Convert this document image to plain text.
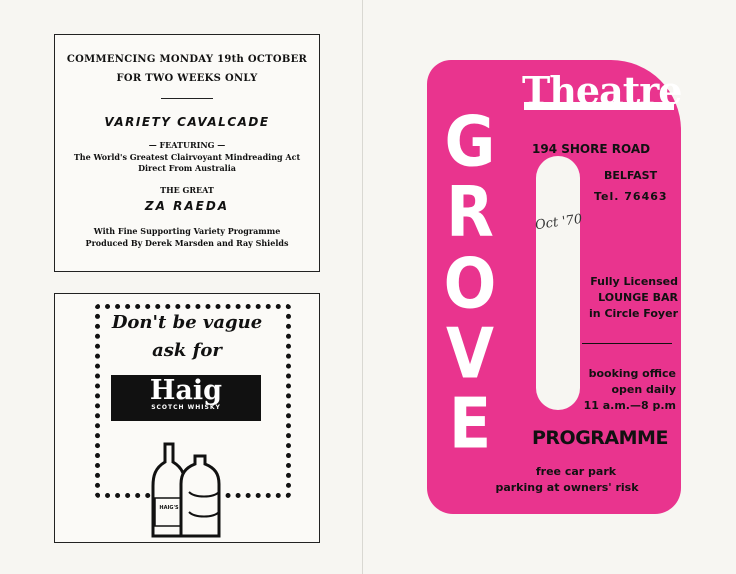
COMMENCING MONDAY 19th OCTOBER
FOR TWO WEEKS ONLY
VARIETY CAVALCADE
— FEATURING —
The World's Greatest Clairvoyant Mindreading Act
Direct From Australia
THE GREAT
ZA RAEDA
With Fine Supporting Variety Programme
Produced By Derek Marsden and Ray Shields
Don't be vague
ask for
Haig
SCOTCH WHISKY
HAIG'S
Theatre
G
R
O
V
E
194 SHORE ROAD
BELFAST
Tel. 76463
Oct '70
Fully Licensed
LOUNGE BAR
in Circle Foyer
booking office
open daily
11 a.m.—8 p.m
PROGRAMME
free car park
parking at owners' risk
